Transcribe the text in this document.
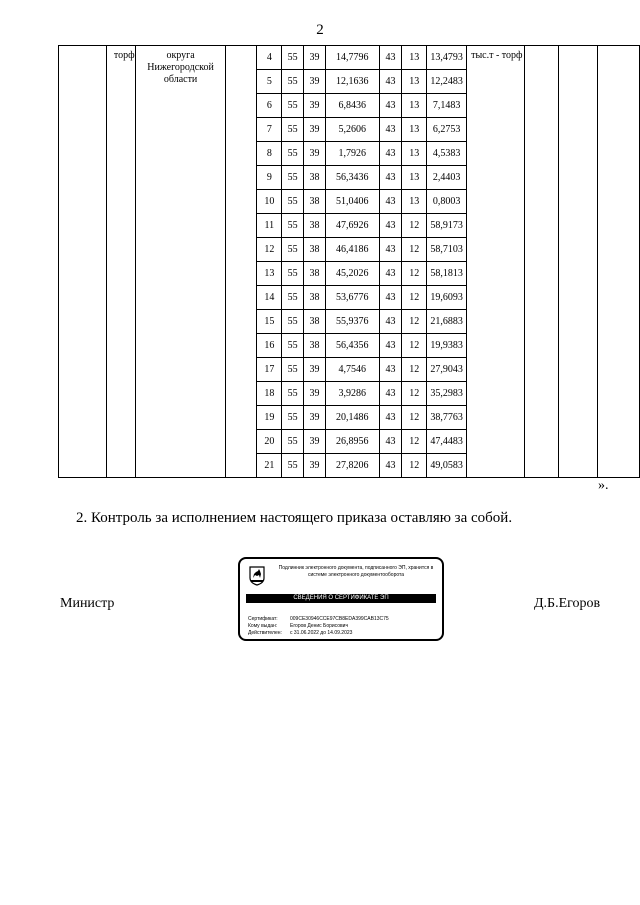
2
	торф	округа Нижегородской области		4	55	39	14,7796	43	13	13,4793	тыс.т - торф			
				5	55	39	12,1636	43	13	12,2483				
				6	55	39	6,8436	43	13	7,1483				
				7	55	39	5,2606	43	13	6,2753				
				8	55	39	1,7926	43	13	4,5383				
				9	55	38	56,3436	43	13	2,4403				
				10	55	38	51,0406	43	13	0,8003				
				11	55	38	47,6926	43	12	58,9173				
				12	55	38	46,4186	43	12	58,7103				
				13	55	38	45,2026	43	12	58,1813				
				14	55	38	53,6776	43	12	19,6093				
				15	55	38	55,9376	43	12	21,6883				
				16	55	38	56,4356	43	12	19,9383				
				17	55	39	4,7546	43	12	27,9043				
				18	55	39	3,9286	43	12	35,2983				
				19	55	39	20,1486	43	12	38,7763				
				20	55	39	26,8956	43	12	47,4483				
				21	55	39	27,8206	43	12	49,0583				
».
2. Контроль за исполнением настоящего приказа оставляю за собой.
Министр	Д.Б.Егоров
Подлинник электронного документа, подписанного ЭП, хранится в системе электронного документооборота
СВЕДЕНИЯ О СЕРТИФИКАТЕ ЭП
Сертификат: 009CE30946CCE97CB8EDA399CAB13C75
Кому выдан:	Егоров Денис Борисович
Действителен: с 31.06.2022 до 14.09.2023
